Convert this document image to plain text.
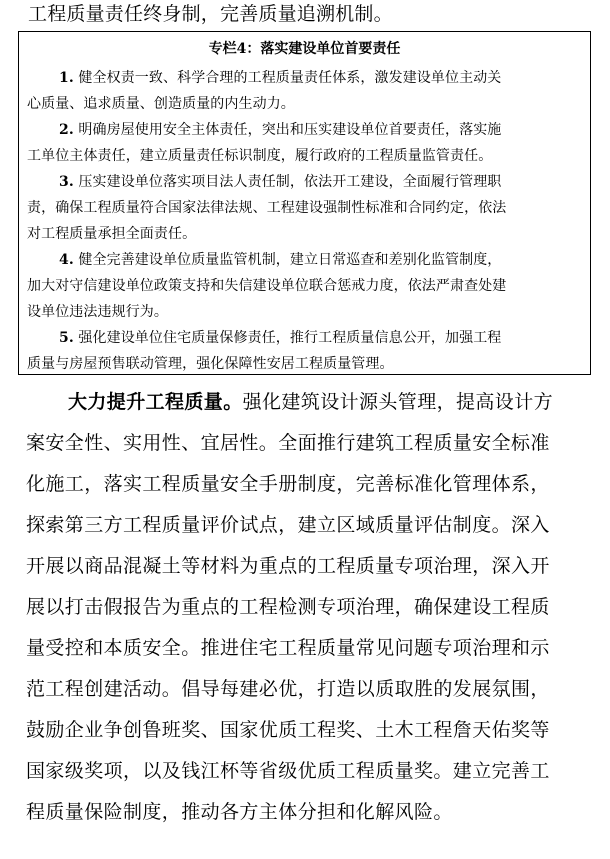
工程质量责任终身制，完善质量追溯机制。
专栏4：落实建设单位首要责任
1. 健全权责一致、科学合理的工程质量责任体系，激发建设单位主动关
心质量、追求质量、创造质量的内生动力。
2. 明确房屋使用安全主体责任，突出和压实建设单位首要责任，落实施
工单位主体责任，建立质量责任标识制度，履行政府的工程质量监管责任。
3. 压实建设单位落实项目法人责任制，依法开工建设，全面履行管理职
责，确保工程质量符合国家法律法规、工程建设强制性标准和合同约定，依法
对工程质量承担全面责任。
4. 健全完善建设单位质量监管机制，建立日常巡查和差别化监管制度，
加大对守信建设单位政策支持和失信建设单位联合惩戒力度，依法严肃查处建
设单位违法违规行为。
5. 强化建设单位住宅质量保修责任，推行工程质量信息公开，加强工程
质量与房屋预售联动管理，强化保障性安居工程质量管理。
大力提升工程质量。强化建筑设计源头管理，提高设计方
案安全性、实用性、宜居性。全面推行建筑工程质量安全标准
化施工，落实工程质量安全手册制度，完善标准化管理体系，
探索第三方工程质量评价试点，建立区域质量评估制度。深入
开展以商品混凝土等材料为重点的工程质量专项治理，深入开
展以打击假报告为重点的工程检测专项治理，确保建设工程质
量受控和本质安全。推进住宅工程质量常见问题专项治理和示
范工程创建活动。倡导每建必优，打造以质取胜的发展氛围，
鼓励企业争创鲁班奖、国家优质工程奖、土木工程詹天佑奖等
国家级奖项，以及钱江杯等省级优质工程质量奖。建立完善工
程质量保险制度，推动各方主体分担和化解风险。
